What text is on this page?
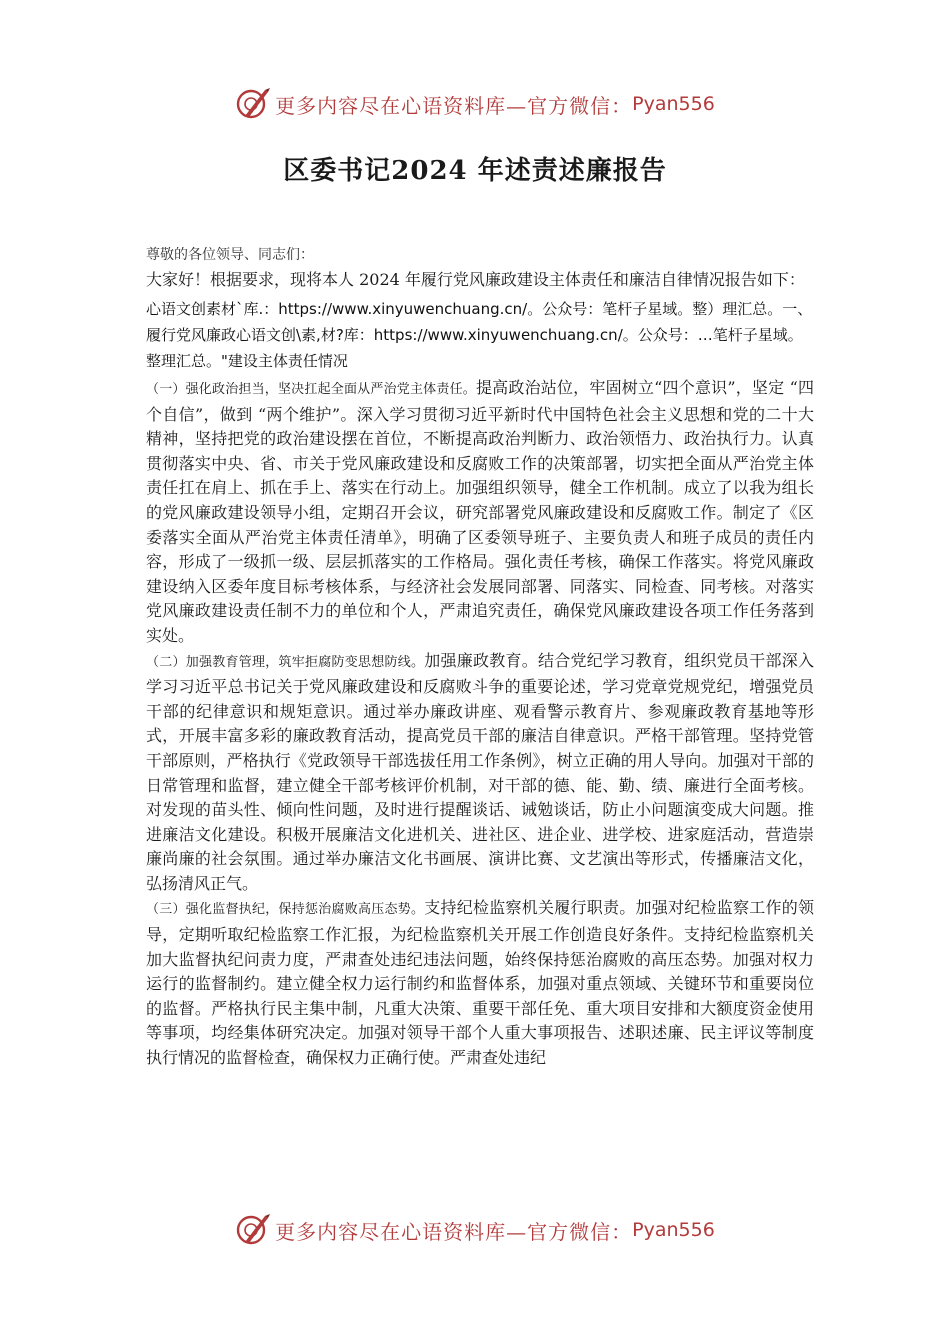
更多内容尽在心语资料库—官方微信： Pyan556
区委书记2024 年述责述廉报告

尊敬的各位领导、同志们：

大家好！根据要求，现将本人 2024 年履行党风廉政建设主体责任和廉洁自律情况报告如下：

心语文创素材`库.：https://www.xinyuwenchuang.cn/。公众号：笔杆子星域。整）理汇总。一、履行党风廉政心语文创\素,材?库：https://www.xinyuwenchuang.cn/。公众号：…笔杆子星域。整理汇总。"建设主体责任情况

（一）强化政治担当，坚决扛起全面从严治党主体责任。提高政治站位，牢固树立“四个意识”，坚定 “四个自信”，做到 “两个维护”。深入学习贯彻习近平新时代中国特色社会主义思想和党的二十大精神，坚持把党的政治建设摆在首位，不断提高政治判断力、政治领悟力、政治执行力。认真贯彻落实中央、省、市关于党风廉政建设和反腐败工作的决策部署，切实把全面从严治党主体责任扛在肩上、抓在手上、落实在行动上。加强组织领导，健全工作机制。成立了以我为组长的党风廉政建设领导小组，定期召开会议，研究部署党风廉政建设和反腐败工作。制定了《区委落实全面从严治党主体责任清单》，明确了区委领导班子、主要负责人和班子成员的责任内容，形成了一级抓一级、层层抓落实的工作格局。强化责任考核，确保工作落实。将党风廉政建设纳入区委年度目标考核体系，与经济社会发展同部署、同落实、同检查、同考核。对落实党风廉政建设责任制不力的单位和个人，严肃追究责任，确保党风廉政建设各项工作任务落到实处。

（二）加强教育管理，筑牢拒腐防变思想防线。加强廉政教育。结合党纪学习教育，组织党员干部深入学习习近平总书记关于党风廉政建设和反腐败斗争的重要论述，学习党章党规党纪，增强党员干部的纪律意识和规矩意识。通过举办廉政讲座、观看警示教育片、参观廉政教育基地等形式，开展丰富多彩的廉政教育活动，提高党员干部的廉洁自律意识。严格干部管理。坚持党管干部原则，严格执行《党政领导干部选拔任用工作条例》，树立正确的用人导向。加强对干部的日常管理和监督，建立健全干部考核评价机制，对干部的德、能、勤、绩、廉进行全面考核。对发现的苗头性、倾向性问题，及时进行提醒谈话、诫勉谈话，防止小问题演变成大问题。推进廉洁文化建设。积极开展廉洁文化进机关、进社区、进企业、进学校、进家庭活动，营造崇廉尚廉的社会氛围。通过举办廉洁文化书画展、演讲比赛、文艺演出等形式，传播廉洁文化，弘扬清风正气。

（三）强化监督执纪，保持惩治腐败高压态势。支持纪检监察机关履行职责。加强对纪检监察工作的领导，定期听取纪检监察工作汇报，为纪检监察机关开展工作创造良好条件。支持纪检监察机关加大监督执纪问责力度，严肃查处违纪违法问题，始终保持惩治腐败的高压态势。加强对权力运行的监督制约。建立健全权力运行制约和监督体系，加强对重点领域、关键环节和重要岗位的监督。严格执行民主集中制，凡重大决策、重要干部任免、重大项目安排和大额度资金使用等事项，均经集体研究决定。加强对领导干部个人重大事项报告、述职述廉、民主评议等制度执行情况的监督检查，确保权力正确行使。严肃查处违纪

更多内容尽在心语资料库—官方微信： Pyan556
